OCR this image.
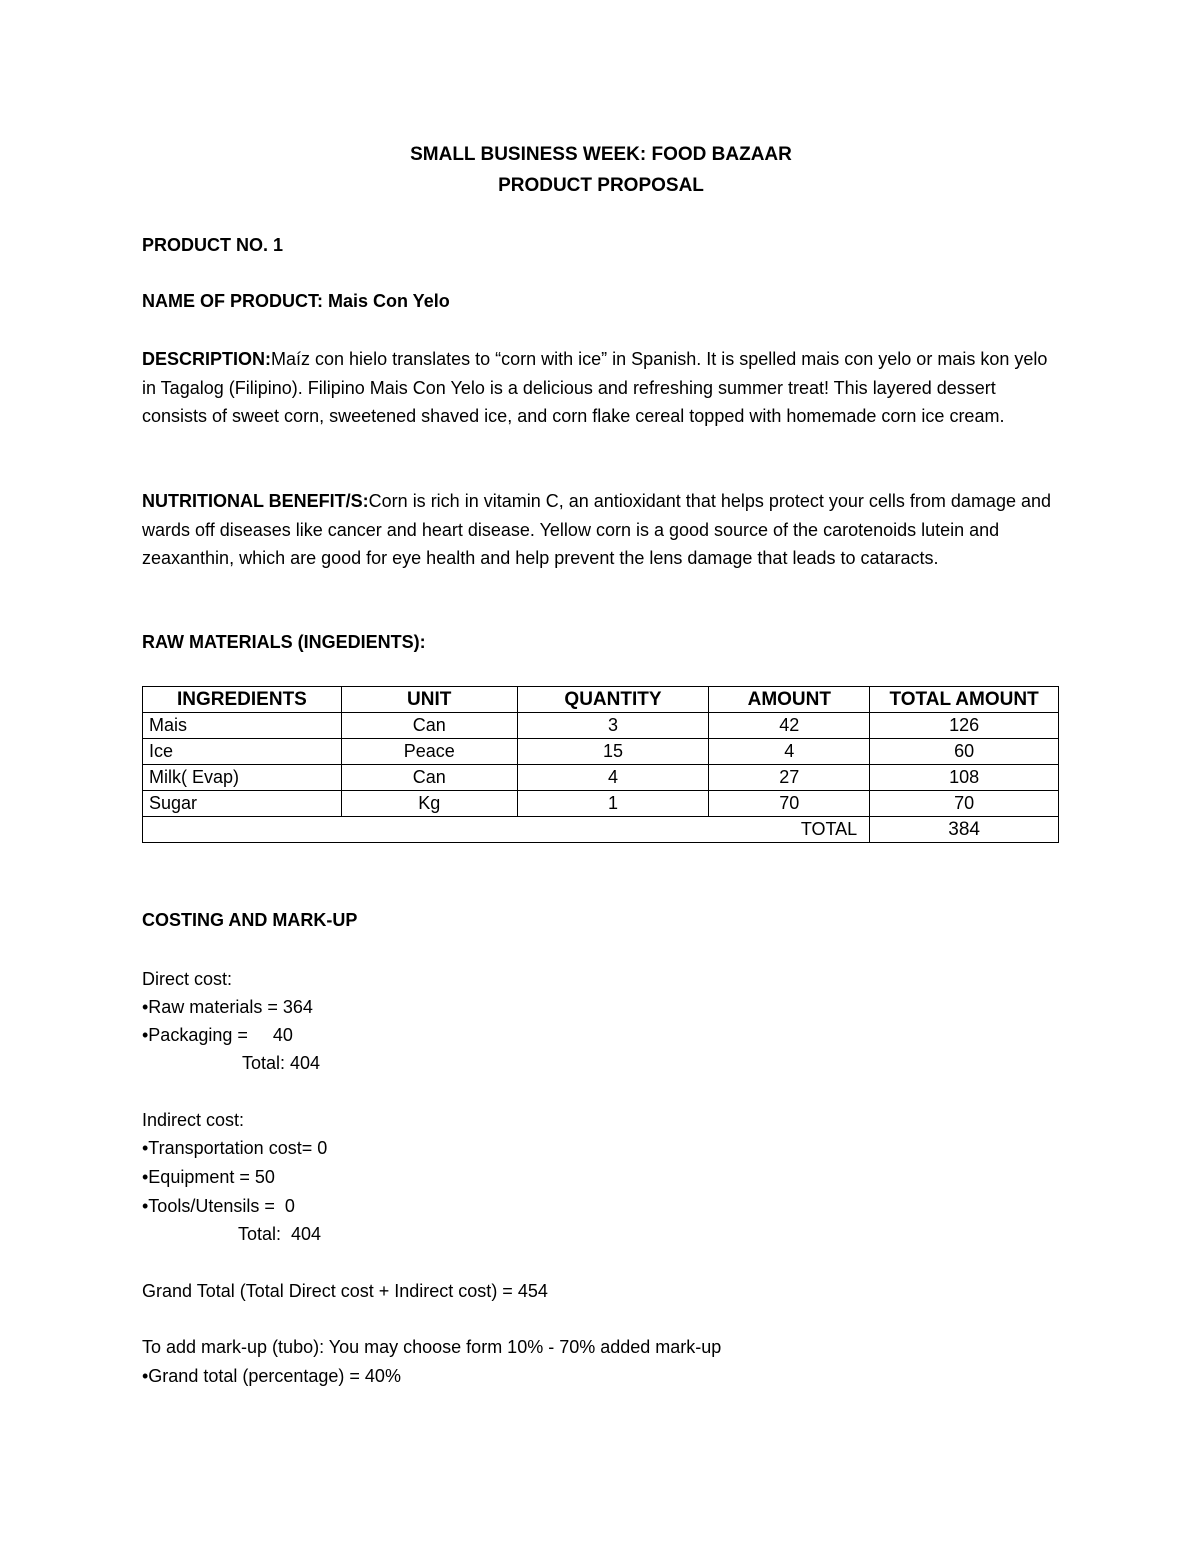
SMALL BUSINESS WEEK: FOOD BAZAAR
PRODUCT PROPOSAL
PRODUCT NO. 1
NAME OF PRODUCT: Mais Con Yelo
DESCRIPTION:Maíz con hielo translates to “corn with ice” in Spanish. It is spelled mais con yelo or mais kon yelo in Tagalog (Filipino). Filipino Mais Con Yelo is a delicious and refreshing summer treat! This layered dessert consists of sweet corn, sweetened shaved ice, and corn flake cereal topped with homemade corn ice cream.
NUTRITIONAL BENEFIT/S:Corn is rich in vitamin C, an antioxidant that helps protect your cells from damage and wards off diseases like cancer and heart disease. Yellow corn is a good source of the carotenoids lutein and zeaxanthin, which are good for eye health and help prevent the lens damage that leads to cataracts.
RAW MATERIALS (INGEDIENTS):
INGREDIENTS	UNIT	QUANTITY	AMOUNT	TOTAL AMOUNT
Mais	Can	3	42	126
Ice	Peace	15	4	60
Milk( Evap)	Can	4	27	108
Sugar	Kg	1	70	70
TOTAL				384
COSTING AND MARK-UP
Direct cost:
•Raw materials = 364
•Packaging =     40
Total: 404
Indirect cost:
•Transportation cost= 0
•Equipment = 50
•Tools/Utensils =  0
Total:  404
Grand Total (Total Direct cost + Indirect cost) = 454
To add mark-up (tubo): You may choose form 10% - 70% added mark-up
•Grand total (percentage) = 40%
